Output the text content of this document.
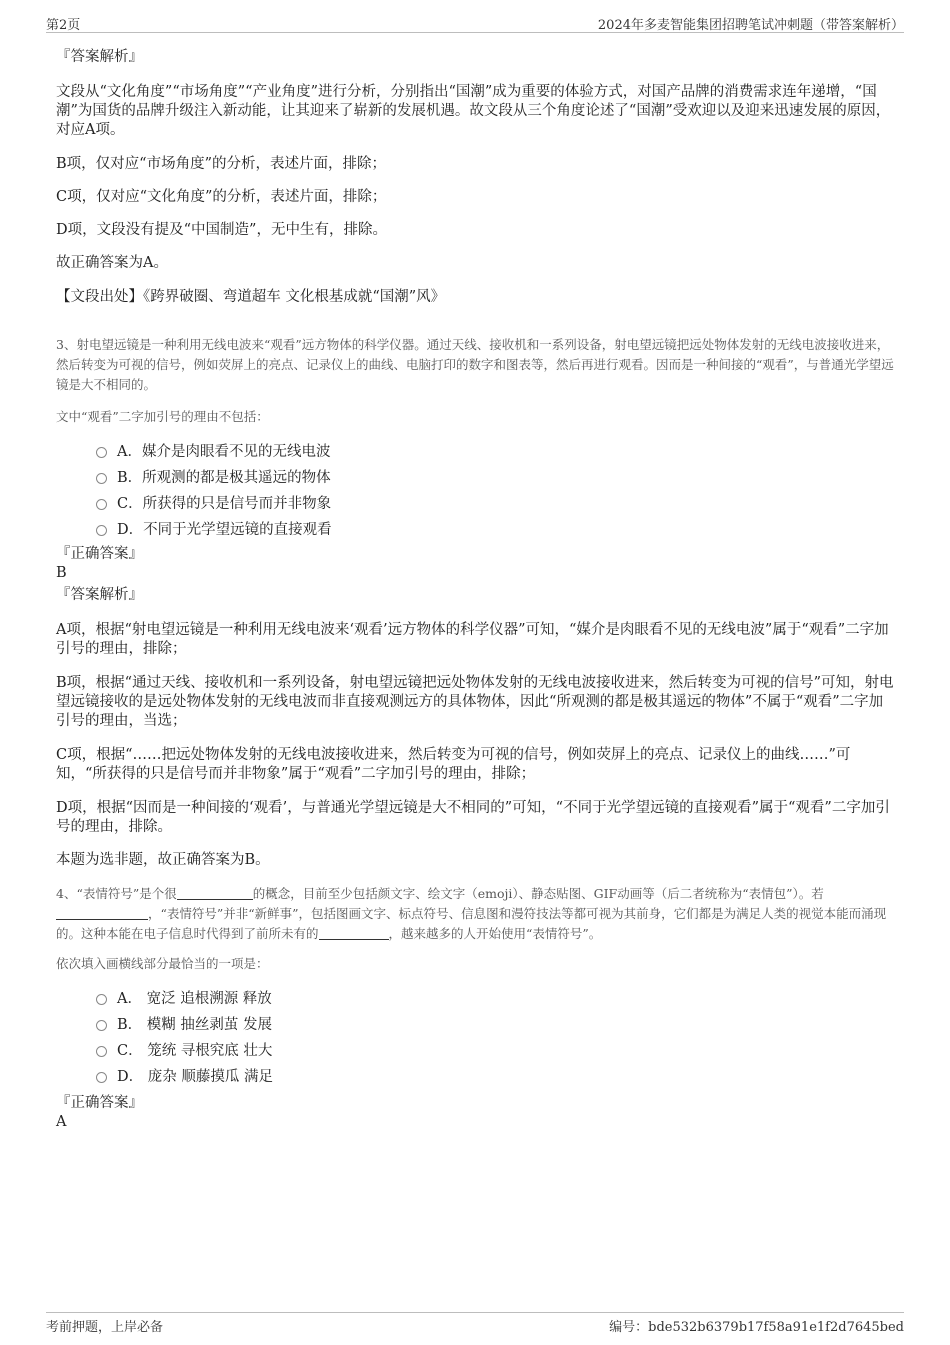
第2页	2024年多麦智能集团招聘笔试冲刺题（带答案解析）

『答案解析』

文段从“文化角度”“市场角度”“产业角度”进行分析，分别指出“国潮”成为重要的体验方式，对国产品牌的消费需求连年递增，“国潮”为国货的品牌升级注入新动能，让其迎来了崭新的发展机遇。故文段从三个角度论述了“国潮”受欢迎以及迎来迅速发展的原因，对应A项。

B项，仅对应“市场角度”的分析，表述片面，排除；

C项，仅对应“文化角度”的分析，表述片面，排除；

D项，文段没有提及“中国制造”，无中生有，排除。

故正确答案为A。

【文段出处】《跨界破圈、弯道超车 文化根基成就“国潮”风》

3、射电望远镜是一种利用无线电波来“观看”远方物体的科学仪器。通过天线、接收机和一系列设备，射电望远镜把远处物体发射的无线电波接收进来，然后转变为可视的信号，例如荧屏上的亮点、记录仪上的曲线、电脑打印的数字和图表等，然后再进行观看。因而是一种间接的“观看”，与普通光学望远镜是大不相同的。

文中“观看”二字加引号的理由不包括：

A．媒介是肉眼看不见的无线电波
B．所观测的都是极其遥远的物体
C．所获得的只是信号而并非物象
D．不同于光学望远镜的直接观看

『正确答案』

B

『答案解析』

A项，根据“射电望远镜是一种利用无线电波来‘观看’远方物体的科学仪器”可知，“媒介是肉眼看不见的无线电波”属于“观看”二字加引号的理由，排除；

B项，根据“通过天线、接收机和一系列设备，射电望远镜把远处物体发射的无线电波接收进来，然后转变为可视的信号”可知，射电望远镜接收的是远处物体发射的无线电波而非直接观测远方的具体物体，因此“所观测的都是极其遥远的物体”不属于“观看”二字加引号的理由，当选；

C项，根据“……把远处物体发射的无线电波接收进来，然后转变为可视的信号，例如荧屏上的亮点、记录仪上的曲线……”可知，“所获得的只是信号而并非物象”属于“观看”二字加引号的理由，排除；

D项，根据“因而是一种间接的‘观看’，与普通光学望远镜是大不相同的”可知，“不同于光学望远镜的直接观看”属于“观看”二字加引号的理由，排除。

本题为选非题，故正确答案为B。

4、“表情符号”是个很	的概念，目前至少包括颜文字、绘文字（emoji）、静态贴图、GIF动画等（后二者统称为“表情包”）。若，“表情符号”并非“新鲜事”，包括图画文字、标点符号、信息图和漫符技法等都可视为其前身，它们都是为满足人类的视觉本能而涌现的。这种本能在电子信息时代得到了前所未有的	，越来越多的人开始使用“表情符号”。

依次填入画横线部分最恰当的一项是：

A． 宽泛 追根溯源 释放
B． 模糊 抽丝剥茧 发展
C． 笼统 寻根究底 壮大
D． 庞杂 顺藤摸瓜 满足

『正确答案』

A

考前押题，上岸必备	编号：bde532b6379b17f58a91e1f2d7645bed
